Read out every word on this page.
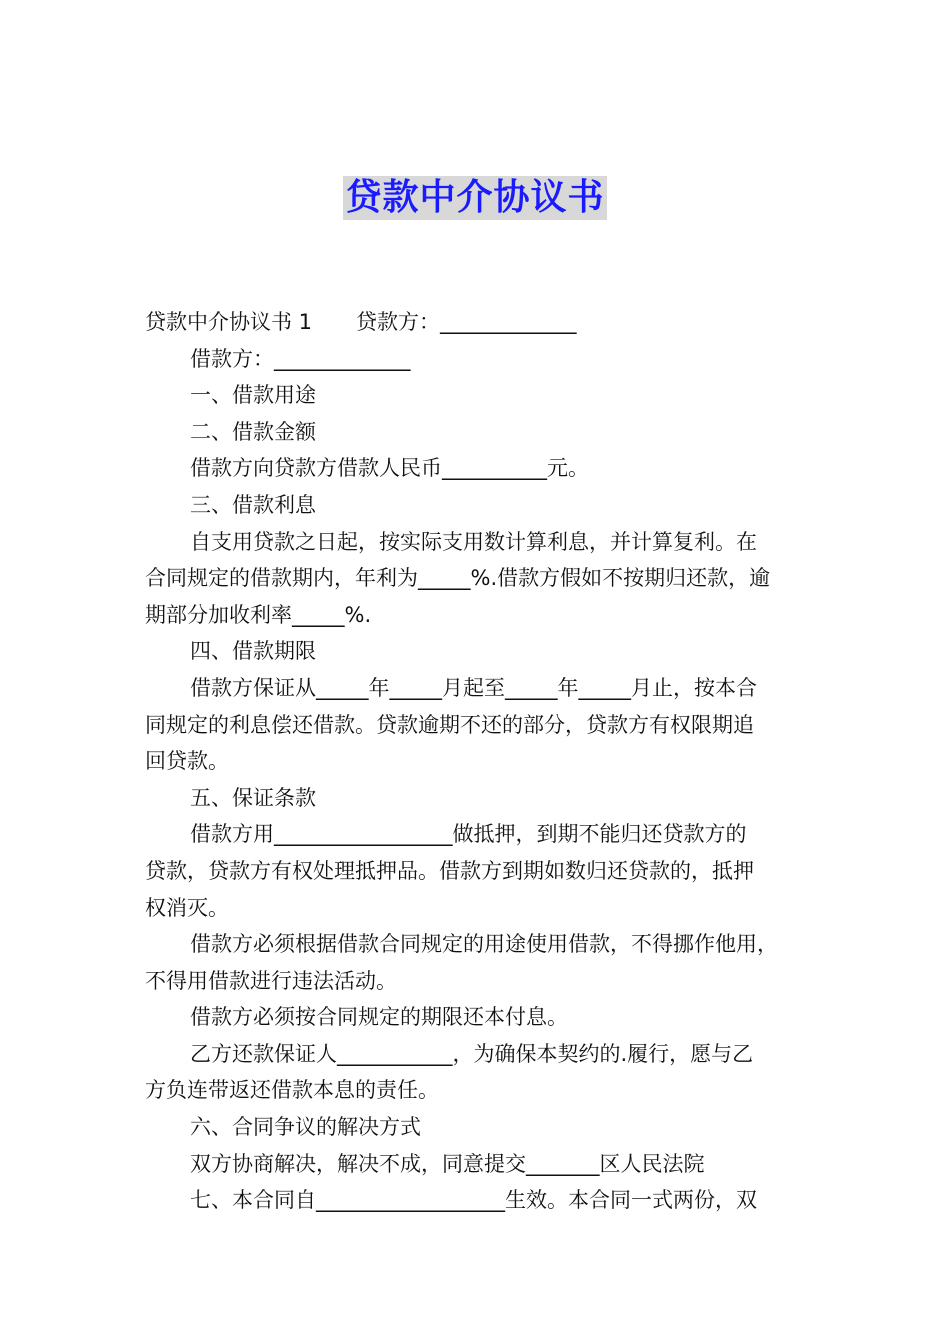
贷款中介协议书

贷款中介协议书 1 贷款方：_____________

借款方：_____________

一、借款用途

二、借款金额

借款方向贷款方借款人民币__________元。

三、借款利息

自支用贷款之日起，按实际支用数计算利息，并计算复利。在

合同规定的借款期内，年利为_____%.借款方假如不按期归还款，逾

期部分加收利率_____%.

四、借款期限

借款方保证从_____年_____月起至_____年_____月止，按本合

同规定的利息偿还借款。贷款逾期不还的部分，贷款方有权限期追

回贷款。

五、保证条款

借款方用_________________做抵押，到期不能归还贷款方的

贷款，贷款方有权处理抵押品。借款方到期如数归还贷款的，抵押

权消灭。

借款方必须根据借款合同规定的用途使用借款，不得挪作他用，

不得用借款进行违法活动。

借款方必须按合同规定的期限还本付息。

乙方还款保证人___________，为确保本契约的.履行，愿与乙

方负连带返还借款本息的责任。

六、合同争议的解决方式

双方协商解决，解决不成，同意提交_______区人民法院

七、本合同自__________________生效。本合同一式两份，双
